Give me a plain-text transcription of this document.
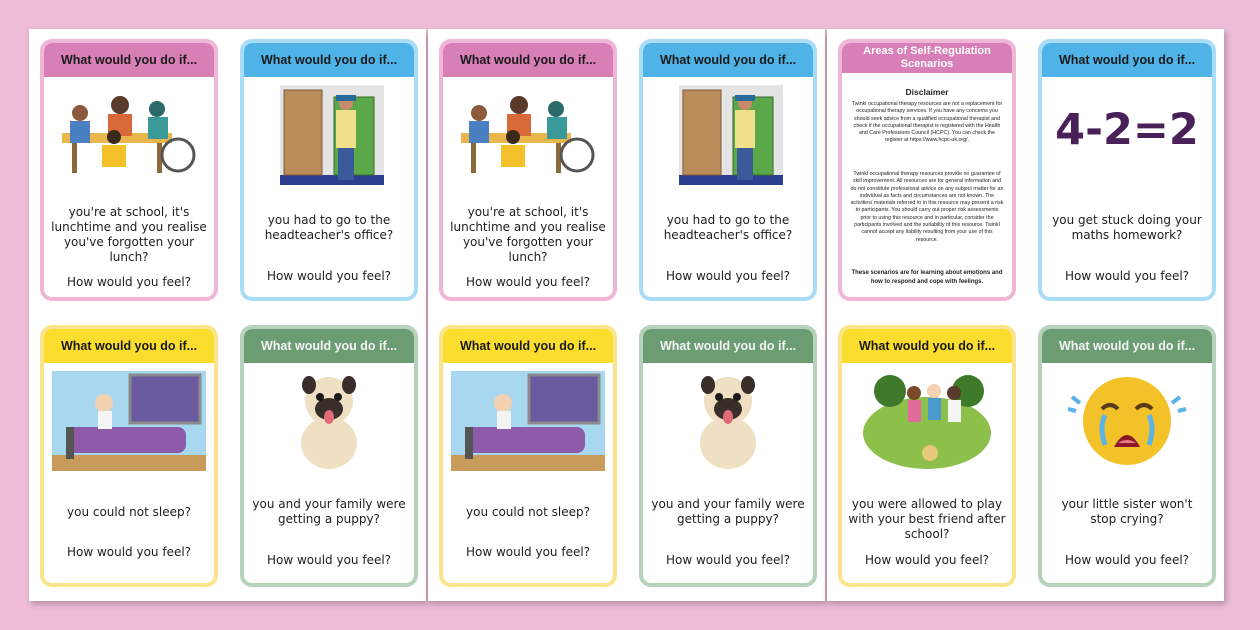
What would you do if...
you're at school, it's lunchtime and you realise you've forgotten your lunch?
How would you feel?
What would you do if...
you had to go to the headteacher's office?
How would you feel?
What would you do if...
you could not sleep?
How would you feel?
What would you do if...
you and your family were getting a puppy?
How would you feel?
What would you do if...
you're at school, it's lunchtime and you realise you've forgotten your lunch?
How would you feel?
What would you do if...
you had to go to the headteacher's office?
How would you feel?
What would you do if...
you could not sleep?
How would you feel?
What would you do if...
you and your family were getting a puppy?
How would you feel?
Areas of Self-Regulation Scenarios
Disclaimer
Twinkl occupational therapy resources are not a replacement for occupational therapy services. If you have any concerns you should seek advice from a qualified occupational therapist and check if the occupational therapist is registered with the Health and Care Professions Council (HCPC). You can check the register at https://www.hcpc-uk.org/.
Twinkl occupational therapy resources provide no guarantee of skill improvement. All resources are for general information and do not constitute professional advice on any subject matter for an individual as facts and circumstances are not known. The activities/ materials referred to in this resource may present a risk to participants. You should carry out proper risk assessments prior to using this resource and in particular, consider the participants involved and the suitability of this resource. Twinkl cannot accept any liability resulting from your use of this resource.
These scenarios are for learning about emotions and how to respond and cope with feelings.
What would you do if...
4-2=2
you get stuck doing your maths homework?
How would you feel?
What would you do if...
you were allowed to play with your best friend after school?
How would you feel?
What would you do if...
your little sister won't stop crying?
How would you feel?
